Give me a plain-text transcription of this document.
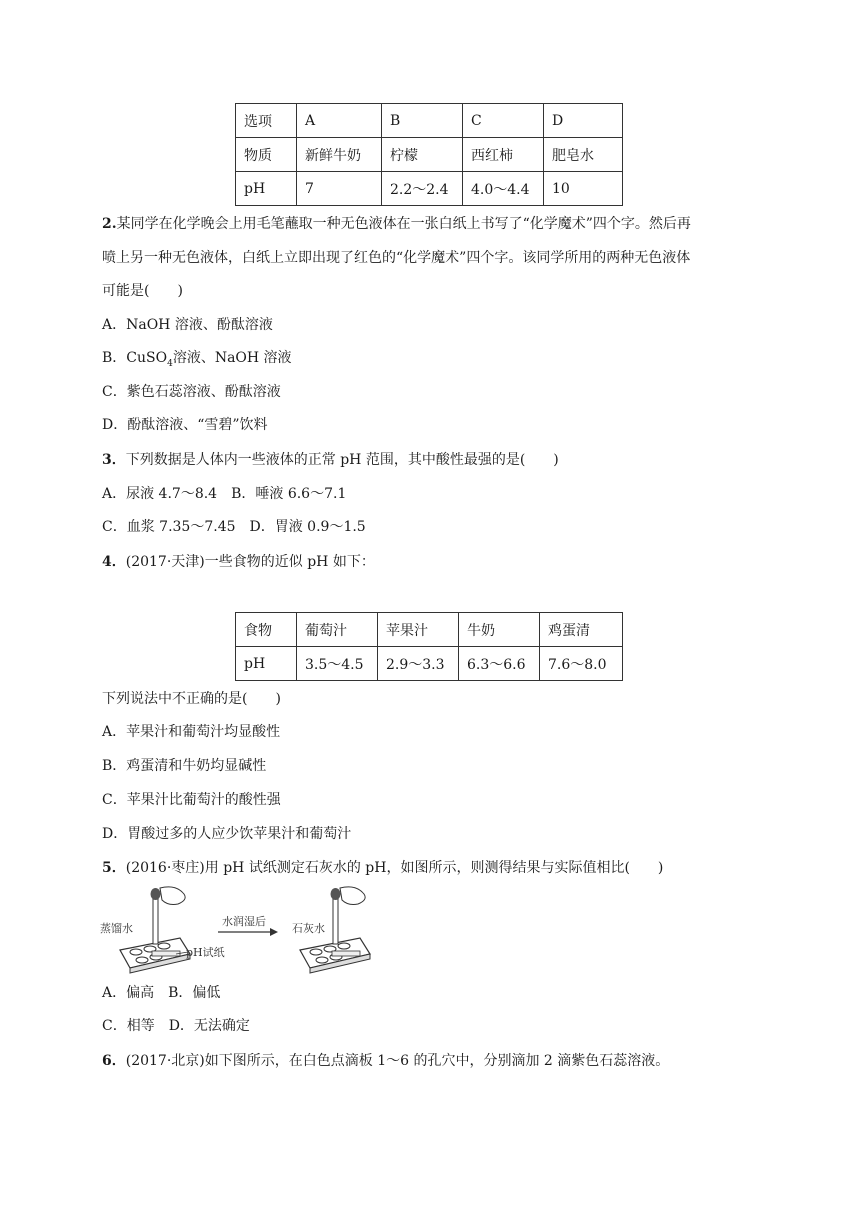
选项	A	B	C	D
物质	新鲜牛奶	柠檬	西红柿	肥皂水
pH	7	2.2～2.4	4.0～4.4	10
2.某同学在化学晚会上用毛笔蘸取一种无色液体在一张白纸上书写了“化学魔术”四个字。然后再
喷上另一种无色液体，白纸上立即出现了红色的“化学魔术”四个字。该同学所用的两种无色液体
可能是(　　)
A．NaOH 溶液、酚酞溶液
B．CuSO$_4$溶液、NaOH 溶液
C．紫色石蕊溶液、酚酞溶液
D．酚酞溶液、“雪碧”饮料
3．下列数据是人体内一些液体的正常 pH 范围，其中酸性最强的是(　　)
A．尿液 4.7～8.4　B．唾液 6.6～7.1
C．血浆 7.35～7.45　D．胃液 0.9～1.5
4．(2017·天津)一些食物的近似 pH 如下：
食物	葡萄汁	苹果汁	牛奶	鸡蛋清
pH	3.5～4.5	2.9～3.3	6.3～6.6	7.6～8.0
下列说法中不正确的是(　　)
A．苹果汁和葡萄汁均显酸性
B．鸡蛋清和牛奶均显碱性
C．苹果汁比葡萄汁的酸性强
D．胃酸过多的人应少饮苹果汁和葡萄汁
5．(2016·枣庄)用 pH 试纸测定石灰水的 pH，如图所示，则测得结果与实际值相比(　　)
蒸馏水
pH试纸
水润湿后
石灰水
A．偏高　B．偏低
C．相等　D．无法确定
6．(2017·北京)如下图所示，在白色点滴板 1～6 的孔穴中，分别滴加 2 滴紫色石蕊溶液。
